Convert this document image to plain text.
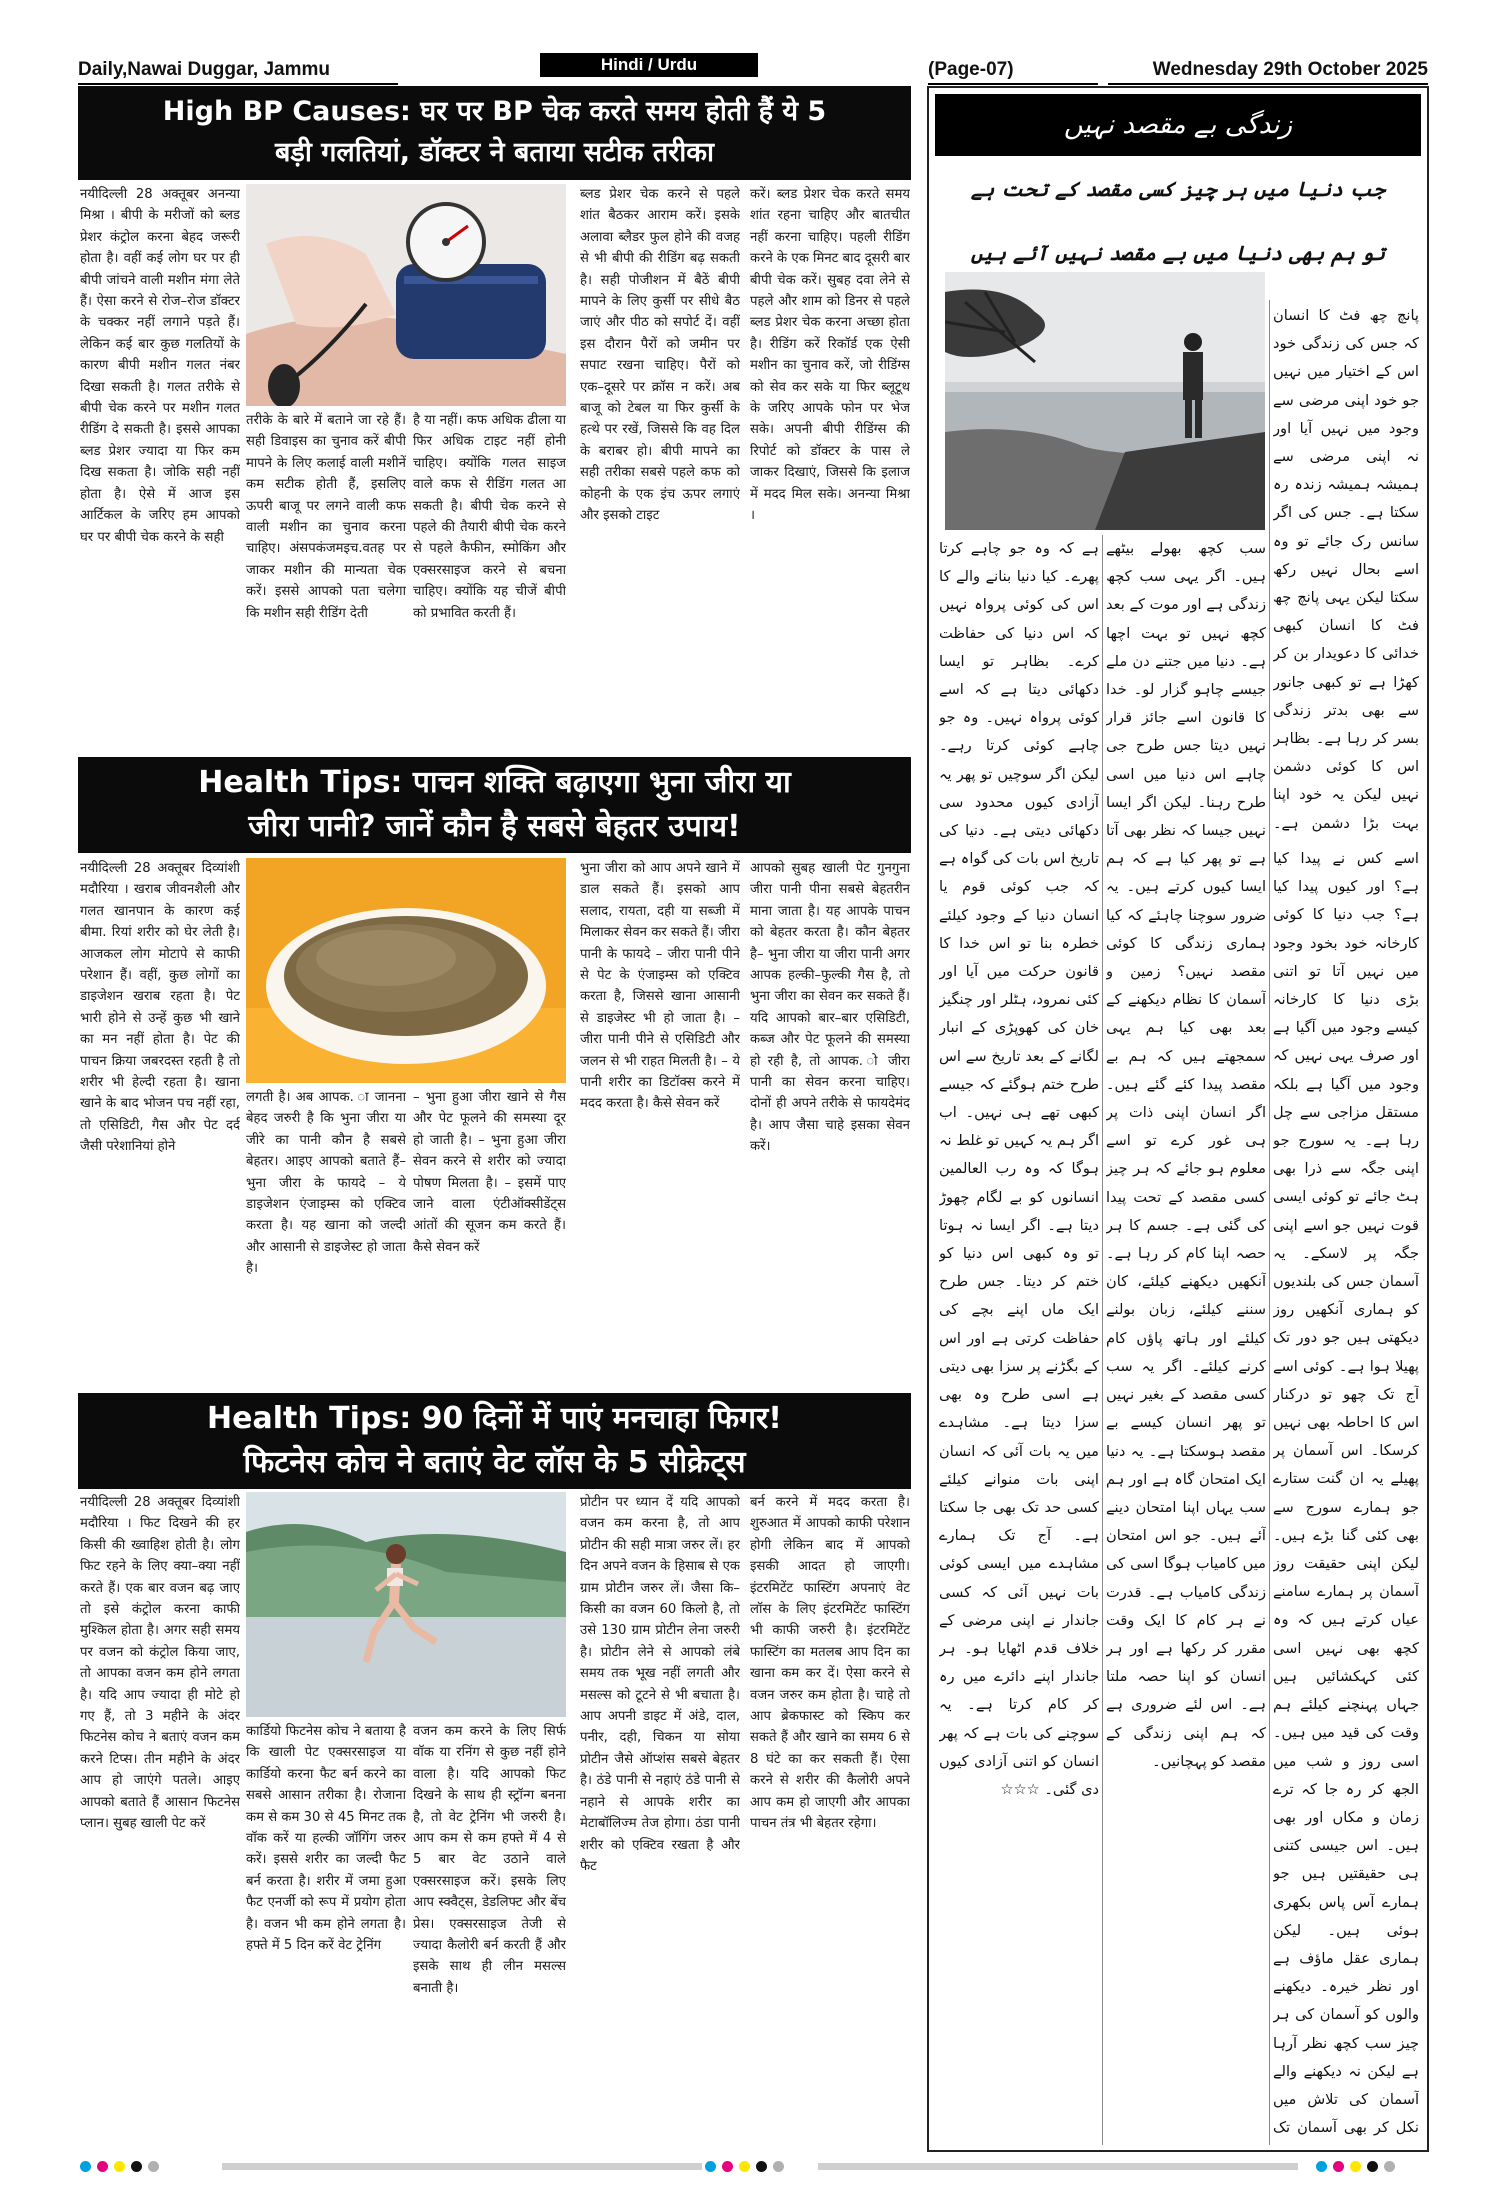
Daily,Nawai Duggar, Jammu	Hindi / Urdu	(Page-07)	Wednesday 29th October 2025
High BP Causes: घर पर BP चेक करते समय होती हैं ये 5
बड़ी गलतियां, डॉक्टर ने बताया सटीक तरीका
नयीदिल्ली 28 अक्तूबर अनन्या मिश्रा । बीपी के मरीजों को ब्लड प्रेशर कंट्रोल करना बेहद जरूरी होता है। वहीं कई लोग घर पर ही बीपी जांचने वाली मशीन मंगा लेते हैं। ऐसा करने से रोज–रोज डॉक्टर के चक्कर नहीं लगाने पड़ते हैं। लेकिन कई बार कुछ गलतियों के कारण बीपी मशीन गलत नंबर दिखा सकती है। गलत तरीके से बीपी चेक करने पर मशीन गलत रीडिंग दे सकती है। इससे आपका ब्लड प्रेशर ज्यादा या फिर कम दिख सकता है। जोकि सही नहीं होता है। ऐसे में आज इस आर्टिकल के जरिए हम आपको घर पर बीपी चेक करने के सही
तरीके के बारे में बताने जा रहे हैं। सही डिवाइस का चुनाव करें बीपी मापने के लिए कलाई वाली मशीनें कम सटीक होती हैं, इसलिए ऊपरी बाजू पर लगने वाली कफ वाली मशीन का चुनाव करना चाहिए। अंसपकंजमइच.वतह पर जाकर मशीन की मान्यता चेक करें। इससे आपको पता चलेगा कि मशीन सही रीडिंग देती
है या नहीं। कफ अधिक ढीला या फिर अधिक टाइट नहीं होनी चाहिए। क्योंकि गलत साइज वाले कफ से रीडिंग गलत आ सकती है। बीपी चेक करने से पहले की तैयारी बीपी चेक करने से पहले कैफीन, स्मोकिंग और एक्सरसाइज करने से बचना चाहिए। क्योंकि यह चीजें बीपी को प्रभावित करती हैं।
ब्लड प्रेशर चेक करने से पहले शांत बैठकर आराम करें। इसके अलावा ब्लैडर फुल होने की वजह से भी बीपी की रीडिंग बढ़ सकती है। सही पोजीशन में बैठें बीपी मापने के लिए कुर्सी पर सीधे बैठ जाएं और पीठ को सपोर्ट दें। वहीं इस दौरान पैरों को जमीन पर सपाट रखना चाहिए। पैरों को एक–दूसरे पर क्रॉस न करें। अब बाजू को टेबल या फिर कुर्सी के हत्थे पर रखें, जिससे कि वह दिल के बराबर हो। बीपी मापने का सही तरीका सबसे पहले कफ को कोहनी के एक इंच ऊपर लगाएं और इसको टाइट
करें। ब्लड प्रेशर चेक करते समय शांत रहना चाहिए और बातचीत नहीं करना चाहिए। पहली रीडिंग करने के एक मिनट बाद दूसरी बार बीपी चेक करें। सुबह दवा लेने से पहले और शाम को डिनर से पहले ब्लड प्रेशर चेक करना अच्छा होता है। रीडिंग करें रिकॉर्ड एक ऐसी मशीन का चुनाव करें, जो रीडिंग्स को सेव कर सके या फिर ब्लूटूथ के जरिए आपके फोन पर भेज सके। अपनी बीपी रीडिंग्स की रिपोर्ट को डॉक्टर के पास ले जाकर दिखाएं, जिससे कि इलाज में मदद मिल सके। अनन्या मिश्रा ।
Health Tips: पाचन शक्ति बढ़ाएगा भुना जीरा या
जीरा पानी? जानें कौन है सबसे बेहतर उपाय!
नयीदिल्ली 28 अक्तूबर दिव्यांशी मदौरिया । खराब जीवनशैली और गलत खानपान के कारण कई बीमा. रियां शरीर को घेर लेती है। आजकल लोग मोटापे से काफी परेशान हैं। वहीं, कुछ लोगों का डाइजेशन खराब रहता है। पेट भारी होने से उन्हें कुछ भी खाने का मन नहीं होता है। पेट की पाचन क्रिया जबरदस्त रहती है तो शरीर भी हेल्दी रहता है। खाना खाने के बाद भोजन पच नहीं रहा, तो एसिडिटी, गैस और पेट दर्द जैसी परेशानियां होने
लगती है। अब आपक. ा जानना बेहद जरुरी है कि भुना जीरा या जीरे का पानी कौन है सबसे बेहतर। आइए आपको बताते हैं– भुना जीरा के फायदे – ये डाइजेशन एंजाइम्स को एक्टिव करता है। यह खाना को जल्दी और आसानी से डाइजेस्ट हो जाता है।
– भुना हुआ जीरा खाने से गैस और पेट फूलने की समस्या दूर हो जाती है। – भुना हुआ जीरा सेवन करने से शरीर को ज्यादा पोषण मिलता है। – इसमें पाए जाने वाला एंटीऑक्सीडेंट्स आंतों की सूजन कम करते हैं। कैसे सेवन करें
भुना जीरा को आप अपने खाने में डाल सकते हैं। इसको आप सलाद, रायता, दही या सब्जी में मिलाकर सेवन कर सकते हैं। जीरा पानी के फायदे – जीरा पानी पीने से पेट के एंजाइम्स को एक्टिव करता है, जिससे खाना आसानी से डाइजेस्ट भी हो जाता है। – जीरा पानी पीने से एसिडिटी और जलन से भी राहत मिलती है। – ये पानी शरीर का डिटॉक्स करने में मदद करता है। कैसे सेवन करें
आपको सुबह खाली पेट गुनगुना जीरा पानी पीना सबसे बेहतरीन माना जाता है। यह आपके पाचन को बेहतर करता है। कौन बेहतर है– भुना जीरा या जीरा पानी अगर आपक हल्की–फुल्की गैस है, तो भुना जीरा का सेवन कर सकते हैं। यदि आपको बार–बार एसिडिटी, कब्ज और पेट फूलने की समस्या हो रही है, तो आपक. ो जीरा पानी का सेवन करना चाहिए। दोनों ही अपने तरीके से फायदेमंद है। आप जैसा चाहे इसका सेवन करें।
Health Tips: 90 दिनों में पाएं मनचाहा फिगर!
फिटनेस कोच ने बताएं वेट लॉस के 5 सीक्रेट्स
नयीदिल्ली 28 अक्तूबर दिव्यांशी मदौरिया । फिट दिखने की हर किसी की ख्वाहिश होती है। लोग फिट रहने के लिए क्या–क्या नहीं करते हैं। एक बार वजन बढ़ जाए तो इसे कंट्रोल करना काफी मुश्किल होता है। अगर सही समय पर वजन को कंट्रोल किया जाए, तो आपका वजन कम होने लगता है। यदि आप ज्यादा ही मोटे हो गए हैं, तो 3 महीने के अंदर फिटनेस कोच ने बताएं वजन कम करने टिप्स। तीन महीने के अंदर आप हो जाएंगे पतले। आइए आपको बताते हैं आसान फिटनेस प्लान। सुबह खाली पेट करें
कार्डियो फिटनेस कोच ने बताया है कि खाली पेट एक्सरसाइज या कार्डियो करना फैट बर्न करने का सबसे आसान तरीका है। रोजाना कम से कम 30 से 45 मिनट तक वॉक करें या हल्की जॉगिंग जरुर करें। इससे शरीर का जल्दी फैट बर्न करता है। शरीर में जमा हुआ फैट एनर्जी को रूप में प्रयोग होता है। वजन भी कम होने लगता है। हफ्ते में 5 दिन करें वेट ट्रेनिंग
वजन कम करने के लिए सिर्फ वॉक या रनिंग से कुछ नहीं होने वाला है। यदि आपको फिट दिखने के साथ ही स्ट्रॉन्ग बनना है, तो वेट ट्रेनिंग भी जरुरी है। आप कम से कम हफ्ते में 4 से 5 बार वेट उठाने वाले एक्सरसाइज करें। इसके लिए आप स्क्वैट्स, डेडलिफ्ट और बेंच प्रेस। एक्सरसाइज तेजी से ज्यादा कैलोरी बर्न करती हैं और इसके साथ ही लीन मसल्स बनाती है।
प्रोटीन पर ध्यान दें यदि आपको वजन कम करना है, तो आप प्रोटीन की सही मात्रा जरुर लें। हर दिन अपने वजन के हिसाब से एक ग्राम प्रोटीन जरुर लें। जैसा कि–किसी का वजन 60 किलो है, तो उसे 130 ग्राम प्रोटीन लेना जरुरी है। प्रोटीन लेने से आपको लंबे समय तक भूख नहीं लगती और मसल्स को टूटने से भी बचाता है। आप अपनी डाइट में अंडे, दाल, पनीर, दही, चिकन या सोया प्रोटीन जैसे ऑप्शंस सबसे बेहतर है। ठंडे पानी से नहाएं ठंडे पानी से नहाने से आपके शरीर का मेटाबॉलिज्म तेज होगा। ठंडा पानी शरीर को एक्टिव रखता है और फैट
बर्न करने में मदद करता है। शुरुआत में आपको काफी परेशान होगी लेकिन बाद में आपको इसकी आदत हो जाएगी। इंटरमिटेंट फास्टिंग अपनाएं वेट लॉस के लिए इंटरमिटेंट फास्टिंग भी काफी जरुरी है। इंटरमिटेंट फास्टिंग का मतलब आप दिन का खाना कम कर दें। ऐसा करने से वजन जरुर कम होता है। चाहे तो आप ब्रेकफास्ट को स्किप कर सकते हैं और खाने का समय 6 से 8 घंटे का कर सकती हैं। ऐसा करने से शरीर की कैलोरी अपने आप कम हो जाएगी और आपका पाचन तंत्र भी बेहतर रहेगा।
زندگی بے مقصد نہیں
جب دنیا میں ہر چیز کسی مقصد کے تحت ہے
تو ہم بھی دنیا میں بے مقصد نہیں آئے ہیں
پانچ چھ فٹ کا انسان کہ جس کی زندگی خود اس کے اختیار میں نہیں جو خود اپنی مرضی سے وجود میں نہیں آیا اور نہ اپنی مرضی سے ہمیشہ ہمیشہ زندہ رہ سکتا ہے۔ جس کی اگر سانس رک جائے تو وہ اسے بحال نہیں رکھ سکتا لیکن یہی پانچ چھ فٹ کا انسان کبھی خدائی کا دعویدار بن کر کھڑا ہے تو کبھی جانور سے بھی بدتر زندگی بسر کر رہا ہے۔ بظاہر اس کا کوئی دشمن نہیں لیکن یہ خود اپنا بہت بڑا دشمن ہے۔
اسے کس نے پیدا کیا ہے؟ اور کیوں پیدا کیا ہے؟ جب دنیا کا کوئی کارخانہ خود بخود وجود میں نہیں آتا تو اتنی بڑی دنیا کا کارخانہ کیسے وجود میں آگیا ہے اور صرف یہی نہیں کہ وجود میں آگیا ہے بلکہ مستقل مزاجی سے چل رہا ہے۔ یہ سورج جو اپنی جگہ سے ذرا بھی ہٹ جائے تو کوئی ایسی قوت نہیں جو اسے اپنی جگہ پر لاسکے۔ یہ آسمان جس کی بلندیوں کو ہماری آنکھیں روز دیکھتی ہیں جو دور تک پھیلا ہوا ہے۔ کوئی اسے آج تک چھو تو درکنار اس کا احاطہ بھی نہیں کرسکا۔ اس آسمان پر پھیلے یہ ان گنت ستارے جو ہمارے سورج سے بھی کئی گنا بڑے ہیں۔ لیکن اپنی حقیقت روز آسمان پر ہمارے سامنے عیاں کرتے ہیں کہ وہ کچھ بھی نہیں اسی کئی کہکشائیں ہیں جہاں پہنچنے کیلئے ہم وقت کی قید میں ہیں۔ اسی روز و شب میں الجھ کر رہ جا کہ ترے زمان و مکاں اور بھی ہیں۔ اس جیسی کتنی ہی حقیقتیں ہیں جو ہمارے آس پاس بکھری ہوئی ہیں۔ لیکن ہماری عقل ماؤف ہے اور نظر خیرہ۔ دیکھنے والوں کو آسمان کی ہر چیز سب کچھ نظر آرہا ہے لیکن نہ دیکھنے والے آسمان کی تلاش میں نکل کر بھی آسمان تک
سب کچھ بھولے بیٹھے ہیں۔ اگر یہی سب کچھ زندگی ہے اور موت کے بعد کچھ نہیں تو بہت اچھا ہے۔ دنیا میں جتنے دن ملے جیسے چاہو گزار لو۔ خدا کا قانون اسے جائز قرار نہیں دیتا جس طرح جی چاہے اس دنیا میں اسی طرح رہنا۔ لیکن اگر ایسا نہیں جیسا کہ نظر بھی آتا ہے تو پھر کیا ہے کہ ہم ایسا کیوں کرتے ہیں۔ یہ ضرور سوچنا چاہئے کہ کیا ہماری زندگی کا کوئی مقصد نہیں؟ زمین و آسمان کا نظام دیکھنے کے بعد بھی کیا ہم یہی سمجھتے ہیں کہ ہم بے مقصد پیدا کئے گئے ہیں۔ اگر انسان اپنی ذات پر ہی غور کرے تو اسے معلوم ہو جائے کہ ہر چیز کسی مقصد کے تحت پیدا کی گئی ہے۔ جسم کا ہر حصہ اپنا کام کر رہا ہے۔ آنکھیں دیکھنے کیلئے، کان سننے کیلئے، زبان بولنے کیلئے اور ہاتھ پاؤں کام کرنے کیلئے۔ اگر یہ سب کسی مقصد کے بغیر نہیں تو پھر انسان کیسے بے مقصد ہوسکتا ہے۔ یہ دنیا ایک امتحان گاہ ہے اور ہم سب یہاں اپنا امتحان دینے آئے ہیں۔ جو اس امتحان میں کامیاب ہوگا اسی کی زندگی کامیاب ہے۔ قدرت نے ہر کام کا ایک وقت مقرر کر رکھا ہے اور ہر انسان کو اپنا حصہ ملتا ہے۔ اس لئے ضروری ہے کہ ہم اپنی زندگی کے مقصد کو پہچانیں۔
ہے کہ وہ جو چاہے کرتا پھرے۔ کیا دنیا بنانے والے کا اس کی کوئی پرواہ نہیں کہ اس دنیا کی حفاظت کرے۔ بظاہر تو ایسا دکھائی دیتا ہے کہ اسے کوئی پرواہ نہیں۔ وہ جو چاہے کوئی کرتا رہے۔ لیکن اگر سوچیں تو پھر یہ آزادی کیوں محدود سی دکھائی دیتی ہے۔ دنیا کی تاریخ اس بات کی گواہ ہے کہ جب کوئی قوم یا انسان دنیا کے وجود کیلئے خطرہ بنا تو اس خدا کا قانون حرکت میں آیا اور کئی نمرود، ہٹلر اور چنگیز خان کی کھوپڑی کے انبار لگانے کے بعد تاریخ سے اس طرح ختم ہوگئے کہ جیسے کبھی تھے ہی نہیں۔ اب اگر ہم یہ کہیں تو غلط نہ ہوگا کہ وہ رب العالمین انسانوں کو بے لگام چھوڑ دیتا ہے۔ اگر ایسا نہ ہوتا تو وہ کبھی اس دنیا کو ختم کر دیتا۔ جس طرح ایک ماں اپنے بچے کی حفاظت کرتی ہے اور اس کے بگڑنے پر سزا بھی دیتی ہے اسی طرح وہ بھی سزا دیتا ہے۔ مشاہدے میں یہ بات آئی کہ انسان اپنی بات منوانے کیلئے کسی حد تک بھی جا سکتا ہے۔ آج تک ہمارے مشاہدے میں ایسی کوئی بات نہیں آئی کہ کسی جاندار نے اپنی مرضی کے خلاف قدم اٹھایا ہو۔ ہر جاندار اپنے دائرے میں رہ کر کام کرتا ہے۔ یہ سوچنے کی بات ہے کہ پھر انسان کو اتنی آزادی کیوں دی گئی۔ ☆☆☆
